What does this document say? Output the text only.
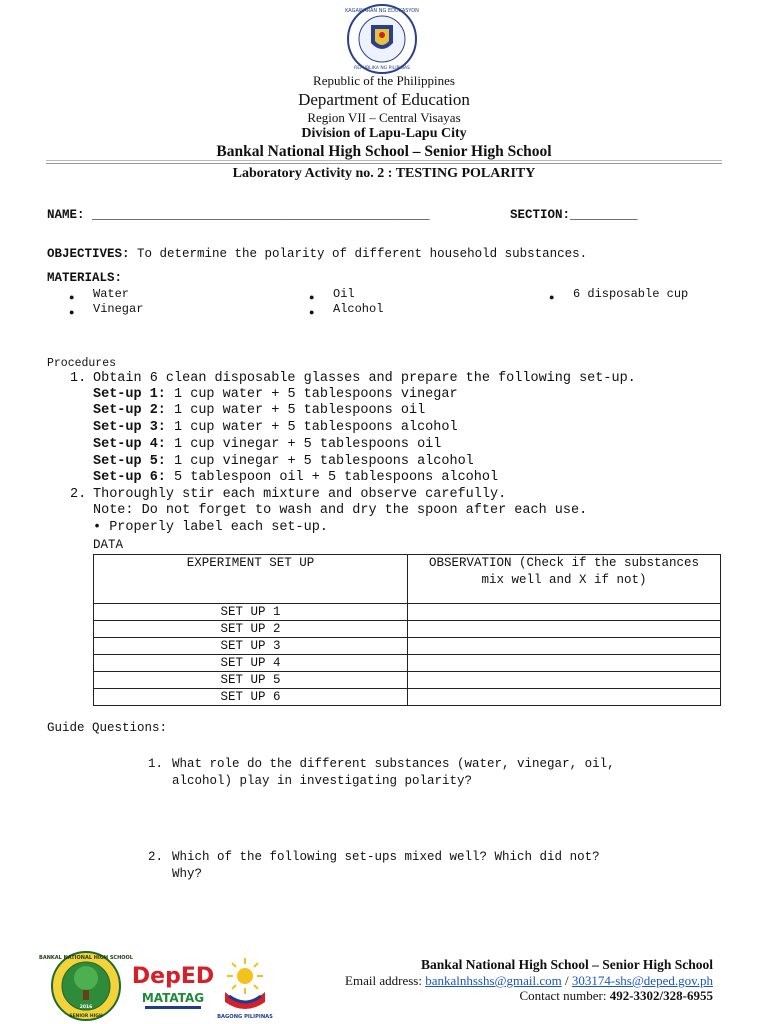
REPUBLIKA NG PILIPINAS
KAGAWARAN NG EDUKASYON
Republic of the Philippines
Department of Education
Region VII – Central Visayas
Division of Lapu-Lapu City
Bankal National High School – Senior High School
Laboratory Activity no. 2 : TESTING POLARITY
NAME: _____________________________________________	SECTION:_________
OBJECTIVES: To determine the polarity of different household substances.
MATERIALS:
● Water
● Vinegar
● Oil
● Alcohol
● 6 disposable cup
Procedures
1. Obtain 6 clean disposable glasses and prepare the following set-up.
Set-up 1: 1 cup water + 5 tablespoons vinegar
Set-up 2: 1 cup water + 5 tablespoons oil
Set-up 3: 1 cup water + 5 tablespoons alcohol
Set-up 4: 1 cup vinegar + 5 tablespoons oil
Set-up 5: 1 cup vinegar + 5 tablespoons alcohol
Set-up 6: 5 tablespoon oil + 5 tablespoons alcohol
2. Thoroughly stir each mixture and observe carefully.
Note: Do not forget to wash and dry the spoon after each use.
• Properly label each set-up.
DATA
EXPERIMENT SET UP	OBSERVATION (Check if the substances mix well and X if not)
SET UP 1	
SET UP 2	
SET UP 3	
SET UP 4	
SET UP 5	
SET UP 6	
Guide Questions:
1. What role do the different substances (water, vinegar, oil,
alcohol) play in investigating polarity?
2. Which of the following set-ups mixed well? Which did not?
Why?
BANKAL NATIONAL HIGH SCHOOL
2016
SENIOR HIGH
DepED
MATATAG
BAGONG PILIPINAS
Bankal National High School – Senior High School
Email address: bankalnhsshs@gmail.com / 303174-shs@deped.gov.ph
Contact number: 492-3302/328-6955
